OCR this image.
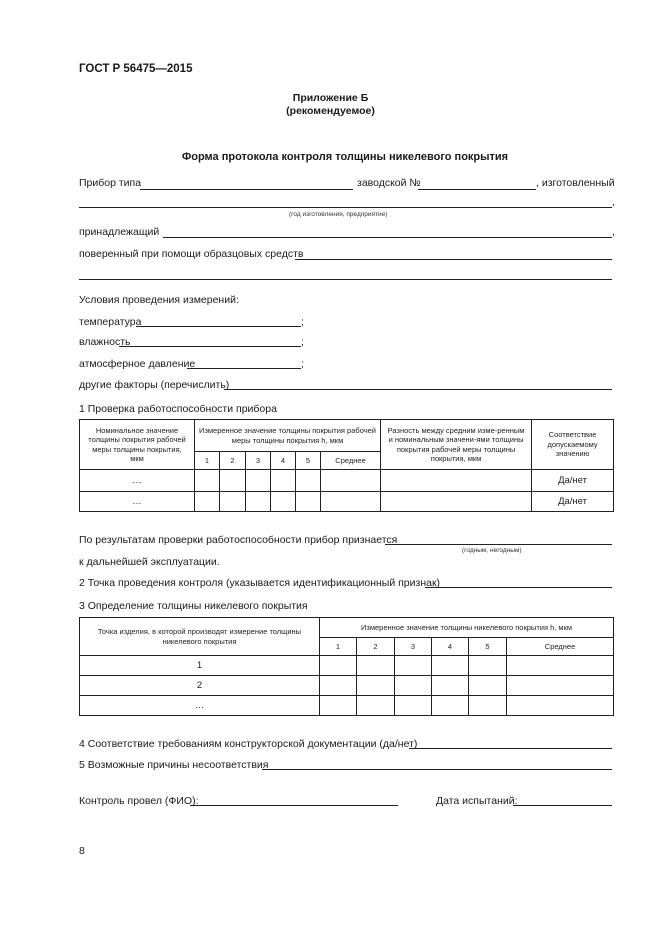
ГОСТ Р 56475—2015
Приложение Б
(рекомендуемое)
Форма протокола контроля толщины никелевого покрытия
Прибор типа	заводской №	, изготовленный
,
(год изготовления, предприятие)
принадлежащий	,
поверенный при помощи образцовых средств
Условия проведения измерений:
температура	;
влажность	;
атмосферное давление	;
другие факторы (перечислить)
1 Проверка работоспособности прибора
Номинальное значение толщины покрытия рабочей меры толщины покрытия, мкм	Измеренное значение толщины покрытия рабочей меры толщины покрытия h, мкм						Разность между средним изме-ренным и номинальным значени-ями толщины покрытия рабочей меры толщины покрытия, мкм	Соответствие допускаемому значению
	1	2	3	4	5	Среднее		
…								Да/нет
…								Да/нет
По результатам проверки работоспособности прибор признается
(годным, негодным)
к дальнейшей эксплуатации.
2 Точка проведения контроля (указывается идентификационный признак)
3 Определение толщины никелевого покрытия
Точка изделия, в которой производят измерение толщины никелевого покрытия	Измеренное значение толщины никелевого покрытия h, мкм					
	1	2	3	4	5	Среднее
1						
2						
…						
4 Соответствие требованиям конструкторской документации (да/нет)
5 Возможные причины несоответствия
Контроль провел (ФИО):	Дата испытаний:
8
